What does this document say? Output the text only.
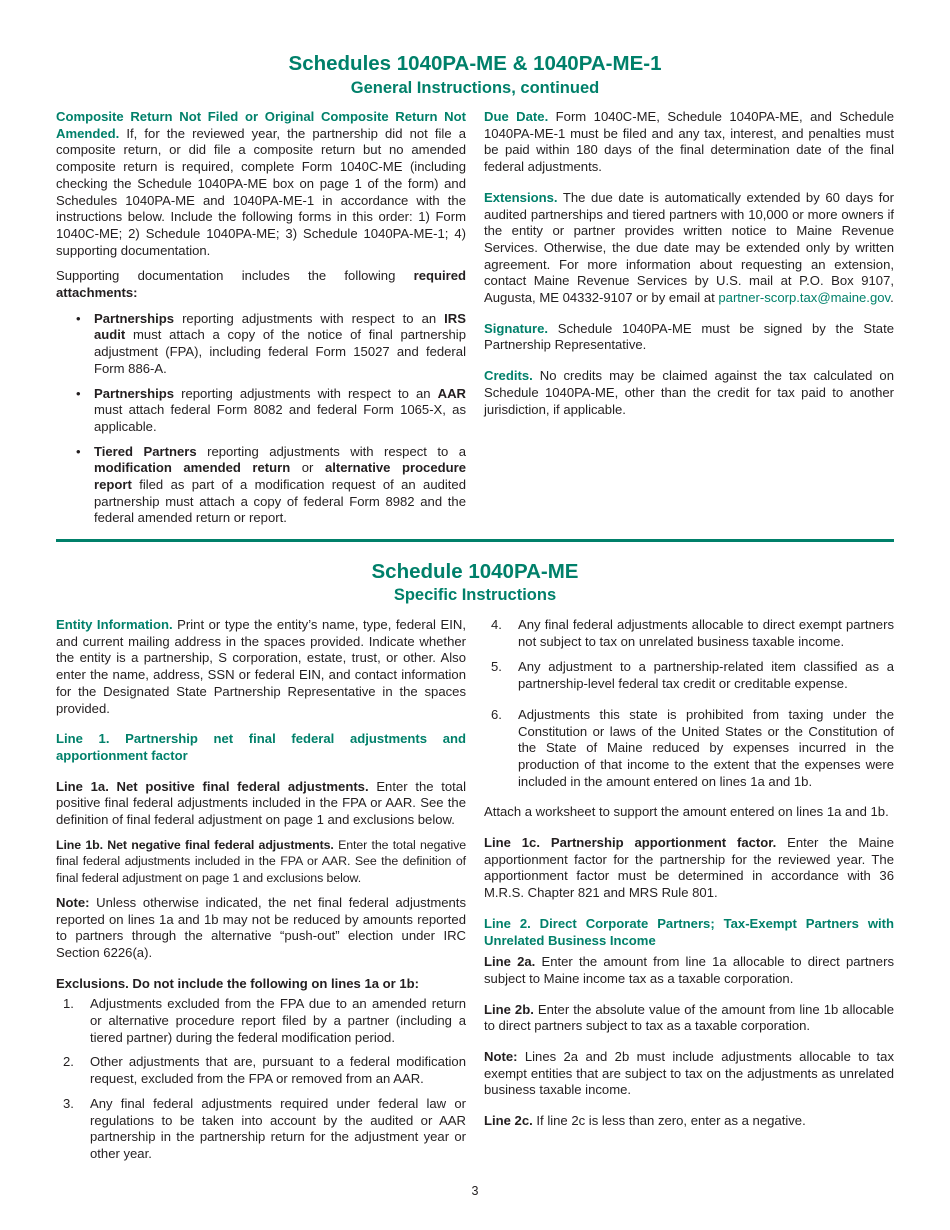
Schedules 1040PA-ME & 1040PA-ME-1
General Instructions, continued

Composite Return Not Filed or Original Composite Return Not Amended. If, for the reviewed year, the partnership did not file a composite return, or did file a composite return but no amended composite return is required, complete Form 1040C-ME (including checking the Schedule 1040PA-ME box on page 1 of the form) and Schedules 1040PA-ME and 1040PA-ME-1 in accordance with the instructions below. Include the following forms in this order: 1) Form 1040C-ME; 2) Schedule 1040PA-ME; 3) Schedule 1040PA-ME-1; 4) supporting documentation.

Supporting documentation includes the following required attachments:

• Partnerships reporting adjustments with respect to an IRS audit must attach a copy of the notice of final partnership adjustment (FPA), including federal Form 15027 and federal Form 886-A.
• Partnerships reporting adjustments with respect to an AAR must attach federal Form 8082 and federal Form 1065-X, as applicable.
• Tiered Partners reporting adjustments with respect to a modification amended return or alternative procedure report filed as part of a modification request of an audited partnership must attach a copy of federal Form 8982 and the federal amended return or report.

Due Date. Form 1040C-ME, Schedule 1040PA-ME, and Schedule 1040PA-ME-1 must be filed and any tax, interest, and penalties must be paid within 180 days of the final determination date of the final federal adjustments.

Extensions. The due date is automatically extended by 60 days for audited partnerships and tiered partners with 10,000 or more owners if the entity or partner provides written notice to Maine Revenue Services. Otherwise, the due date may be extended only by written agreement. For more information about requesting an extension, contact Maine Revenue Services by U.S. mail at P.O. Box 9107, Augusta, ME 04332-9107 or by email at partner-scorp.tax@maine.gov.

Signature. Schedule 1040PA-ME must be signed by the State Partnership Representative.

Credits. No credits may be claimed against the tax calculated on Schedule 1040PA-ME, other than the credit for tax paid to another jurisdiction, if applicable.

Schedule 1040PA-ME
Specific Instructions

Entity Information. Print or type the entity’s name, type, federal EIN, and current mailing address in the spaces provided. Indicate whether the entity is a partnership, S corporation, estate, trust, or other. Also enter the name, address, SSN or federal EIN, and contact information for the Designated State Partnership Representative in the spaces provided.

Line 1. Partnership net final federal adjustments and apportionment factor

Line 1a. Net positive final federal adjustments. Enter the total positive final federal adjustments included in the FPA or AAR. See the definition of final federal adjustment on page 1 and exclusions below.

Line 1b. Net negative final federal adjustments. Enter the total negative final federal adjustments included in the FPA or AAR. See the definition of final federal adjustment on page 1 and exclusions below.

Note: Unless otherwise indicated, the net final federal adjustments reported on lines 1a and 1b may not be reduced by amounts reported to partners through the alternative “push-out” election under IRC Section 6226(a).

Exclusions. Do not include the following on lines 1a or 1b:

1. Adjustments excluded from the FPA due to an amended return or alternative procedure report filed by a partner (including a tiered partner) during the federal modification period.
2. Other adjustments that are, pursuant to a federal modification request, excluded from the FPA or removed from an AAR.
3. Any final federal adjustments required under federal law or regulations to be taken into account by the audited or AAR partnership in the partnership return for the adjustment year or other year.
4. Any final federal adjustments allocable to direct exempt partners not subject to tax on unrelated business taxable income.
5. Any adjustment to a partnership-related item classified as a partnership-level federal tax credit or creditable expense.
6. Adjustments this state is prohibited from taxing under the Constitution or laws of the United States or the Constitution of the State of Maine reduced by expenses incurred in the production of that income to the extent that the expenses were included in the amount entered on lines 1a and 1b.

Attach a worksheet to support the amount entered on lines 1a and 1b.

Line 1c. Partnership apportionment factor. Enter the Maine apportionment factor for the partnership for the reviewed year. The apportionment factor must be determined in accordance with 36 M.R.S. Chapter 821 and MRS Rule 801.

Line 2. Direct Corporate Partners; Tax-Exempt Partners with Unrelated Business Income

Line 2a. Enter the amount from line 1a allocable to direct partners subject to Maine income tax as a taxable corporation.

Line 2b. Enter the absolute value of the amount from line 1b allocable to direct partners subject to tax as a taxable corporation.

Note: Lines 2a and 2b must include adjustments allocable to tax exempt entities that are subject to tax on the adjustments as unrelated business taxable income.

Line 2c. If line 2c is less than zero, enter as a negative.

3
